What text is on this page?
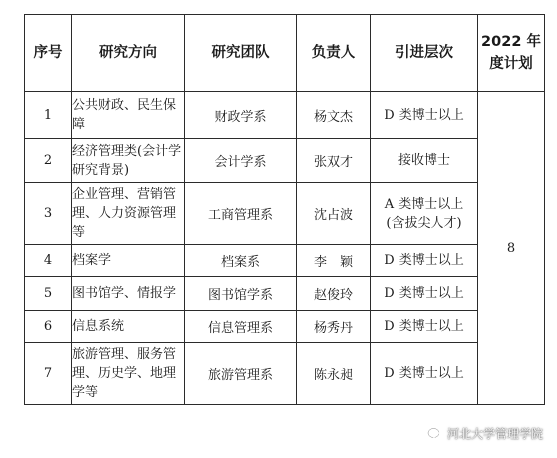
序号	研究方向	研究团队	负责人	引进层次	2022 年
度计划

1	公共财政、民生保障	财政学系	杨文杰	D 类博士以上	8
2	经济管理类(会计学研究背景)	会计学系	张双才	接收博士	
3	企业管理、营销管理、人力资源管理等	工商管理系	沈占波	A 类博士以上
(含拔尖人才)	

4	档案学	档案系	李　颖	D 类博士以上	
5	图书馆学、情报学	图书馆学系	赵俊玲	D 类博士以上	
6	信息系统	信息管理系	杨秀丹	D 类博士以上	
7	旅游管理、服务管理、历史学、地理学等	旅游管理系	陈永昶	D 类博士以上	
河北大学管理学院
